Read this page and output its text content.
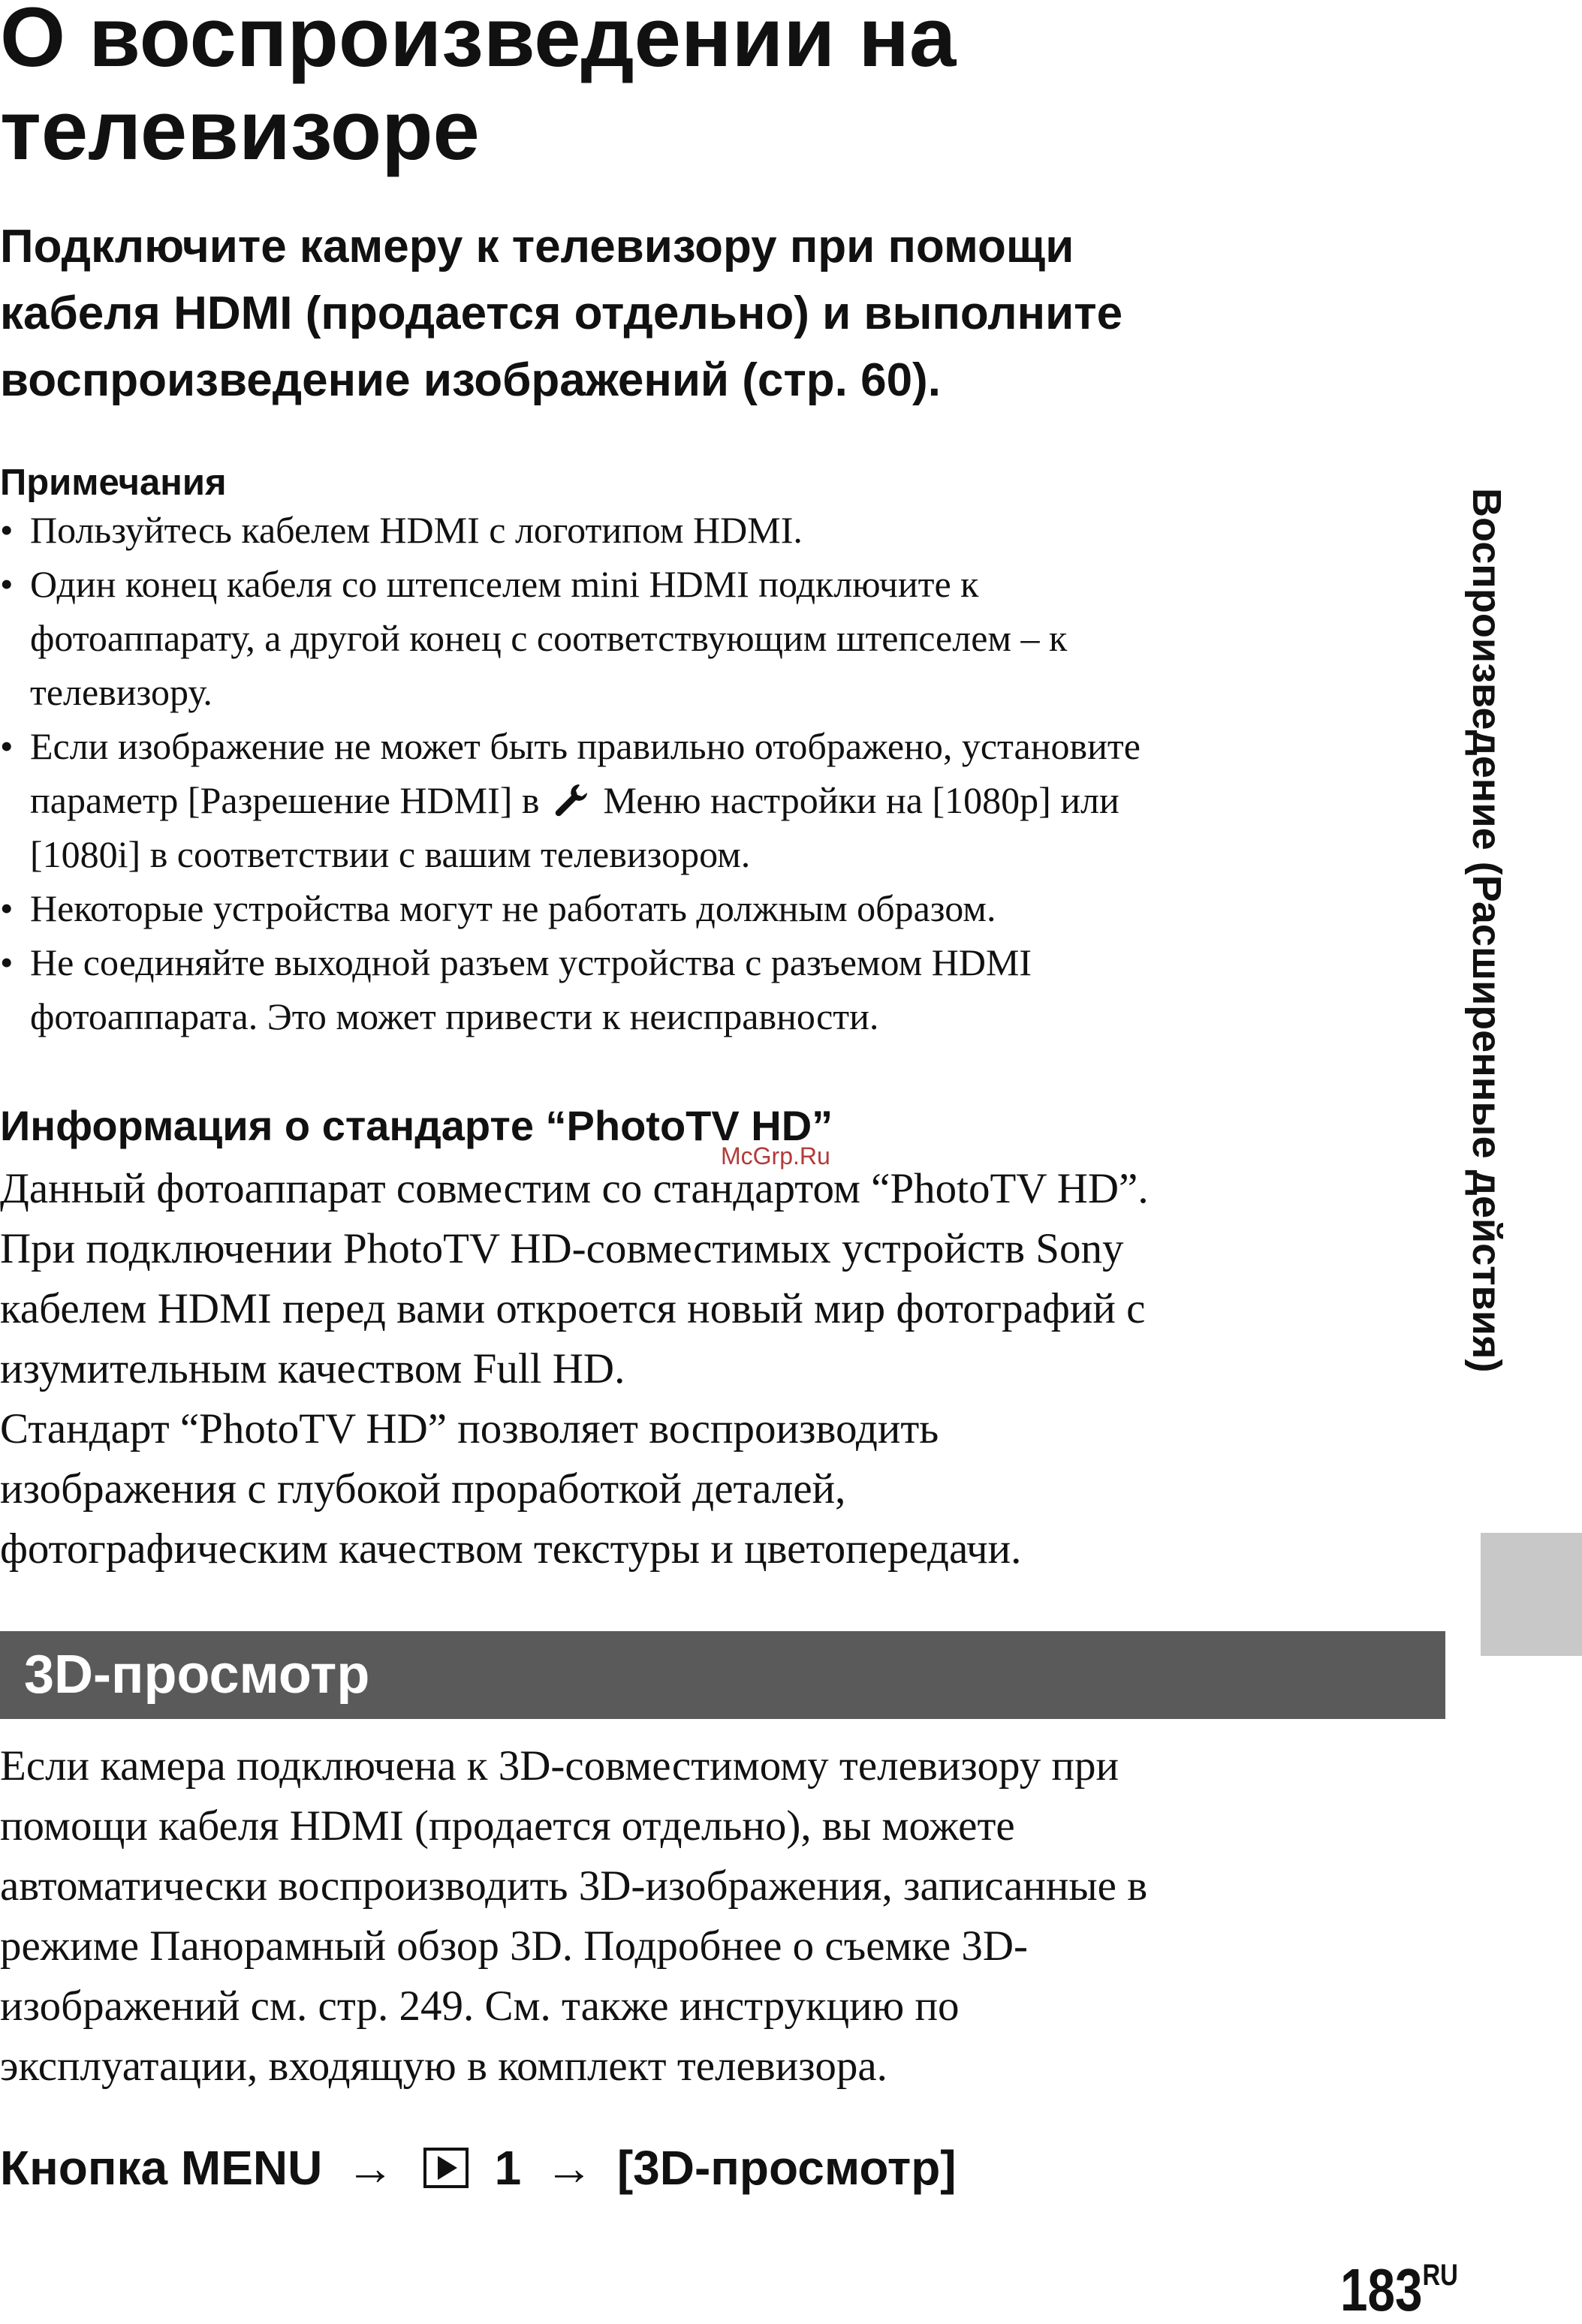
О воспроизведении на
телевизоре
Подключите камеру к телевизору при помощи
кабеля HDMI (продается отдельно) и выполните
воспроизведение изображений (стр. 60).
Примечания
• Пользуйтесь кабелем HDMI с логотипом HDMI.
• Один конец кабеля со штепселем mini HDMI подключите к
фотоаппарату, а другой конец с соответствующим штепселем – к
телевизору.
• Если изображение не может быть правильно отображено, установите
параметр [Разрешение HDMI] в Меню настройки на [1080p] или
[1080i] в соответствии с вашим телевизором.
• Некоторые устройства могут не работать должным образом.
• Не соединяйте выходной разъем устройства с разъемом HDMI
фотоаппарата. Это может привести к неисправности.
Информация о стандарте “PhotoTV HD”
McGrp.Ru
Данный фотоаппарат совместим со стандартом “PhotoTV HD”.
При подключении PhotoTV HD-совместимых устройств Sony
кабелем HDMI перед вами откроется новый мир фотографий с
изумительным качеством Full HD.
Стандарт “PhotoTV HD” позволяет воспроизводить
изображения с глубокой проработкой деталей,
фотографическим качеством текстуры и цветопередачи.
3D-просмотр
Если камера подключена к 3D-совместимому телевизору при
помощи кабеля HDMI (продается отдельно), вы можете
автоматически воспроизводить 3D-изображения, записанные в
режиме Панорамный обзор 3D. Подробнее о съемке 3D-
изображений см. стр. 249. См. также инструкцию по
эксплуатации, входящую в комплект телевизора.
Кнопка MENU → 1 → [3D-просмотр]
Воспроизведение (Расширенные действия)
$183^{RU}$
